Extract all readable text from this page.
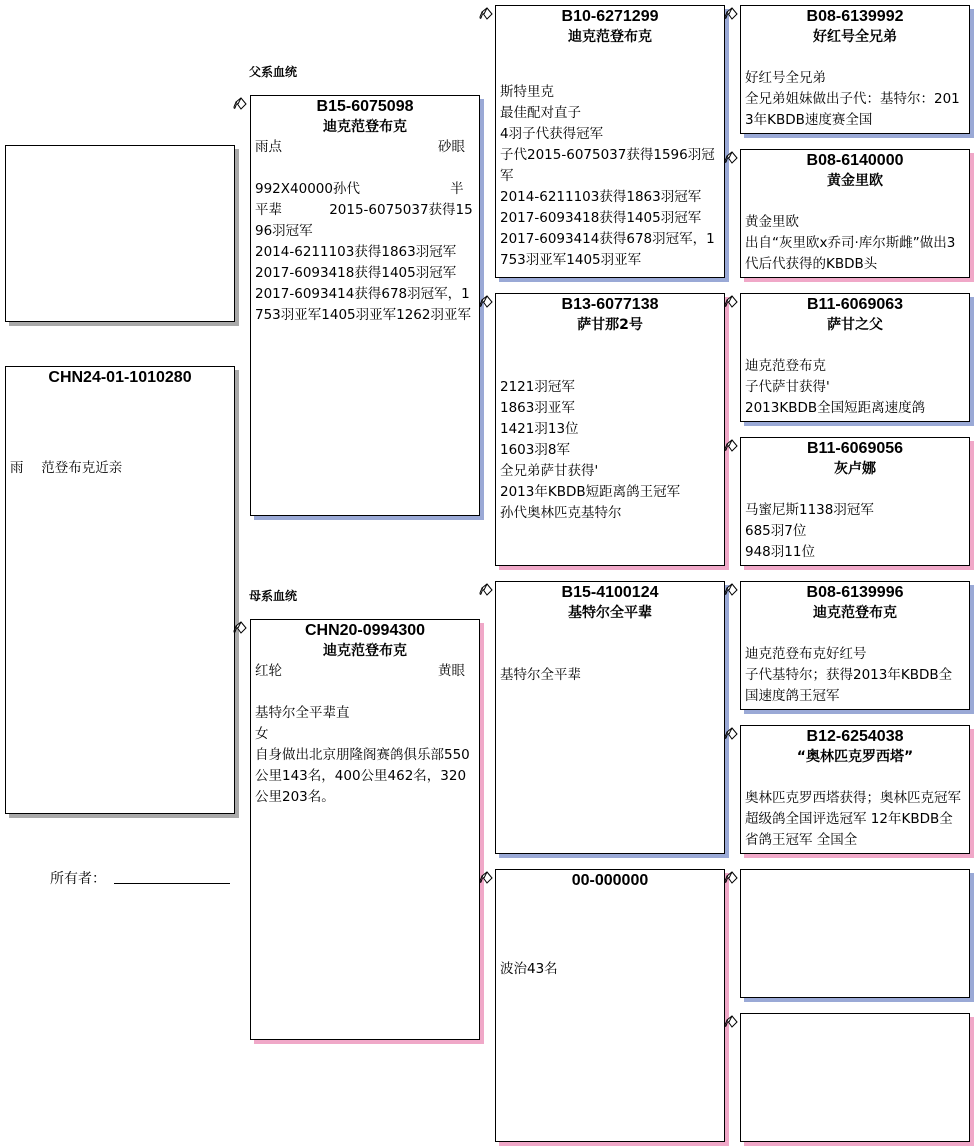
父系血统
母系血统
CHN24-01-1010280
雨　 范登布克近亲
所有者：
B15-6075098
迪克范登布克
雨点	砂眼
992X40000孙代                     半平辈           2015-6075037获得1596羽冠军
2014-6211103获得1863羽冠军
2017-6093418获得1405羽冠军
2017-6093414获得678羽冠军，1753羽亚军1405羽亚军1262羽亚军
CHN20-0994300
迪克范登布克
红轮	黄眼
基特尔全平辈直
女
自身做出北京朋隆阁赛鸽俱乐部550公里143名，400公里462名，320公里203名。
B10-6271299
迪克范登布克
斯特里克
最佳配对直子
4羽子代获得冠军
子代2015-6075037获得1596羽冠军
2014-6211103获得1863羽冠军
2017-6093418获得1405羽冠军
2017-6093414获得678羽冠军，1753羽亚军1405羽亚军
B13-6077138
萨甘那2号
2121羽冠军
1863羽亚军
1421羽13位
1603羽8军
全兄弟萨甘获得'
2013年KBDB短距离鸽王冠军
孙代奥林匹克基特尔
B15-4100124
基特尔全平辈
基特尔全平辈
00-000000
波治43名
B08-6139992
好红号全兄弟
好红号全兄弟
全兄弟姐妹做出子代：基特尔：2013年KBDB速度赛全国
B08-6140000
黄金里欧
黄金里欧
出自“灰里欧x乔司·库尔斯雌”做出3代后代获得的KBDB头
B11-6069063
萨甘之父
迪克范登布克
子代萨甘获得'
2013KBDB全国短距离速度鸽
B11-6069056
灰卢娜
马蜜尼斯1138羽冠军
685羽7位
948羽11位
B08-6139996
迪克范登布克
迪克范登布克好红号
子代基特尔；获得2013年KBDB全国速度鸽王冠军
B12-6254038
“奥林匹克罗西塔”
奥林匹克罗西塔获得；奥林匹克冠军 超级鸽全国评选冠军 12年KBDB全省鸽王冠军 全国全
